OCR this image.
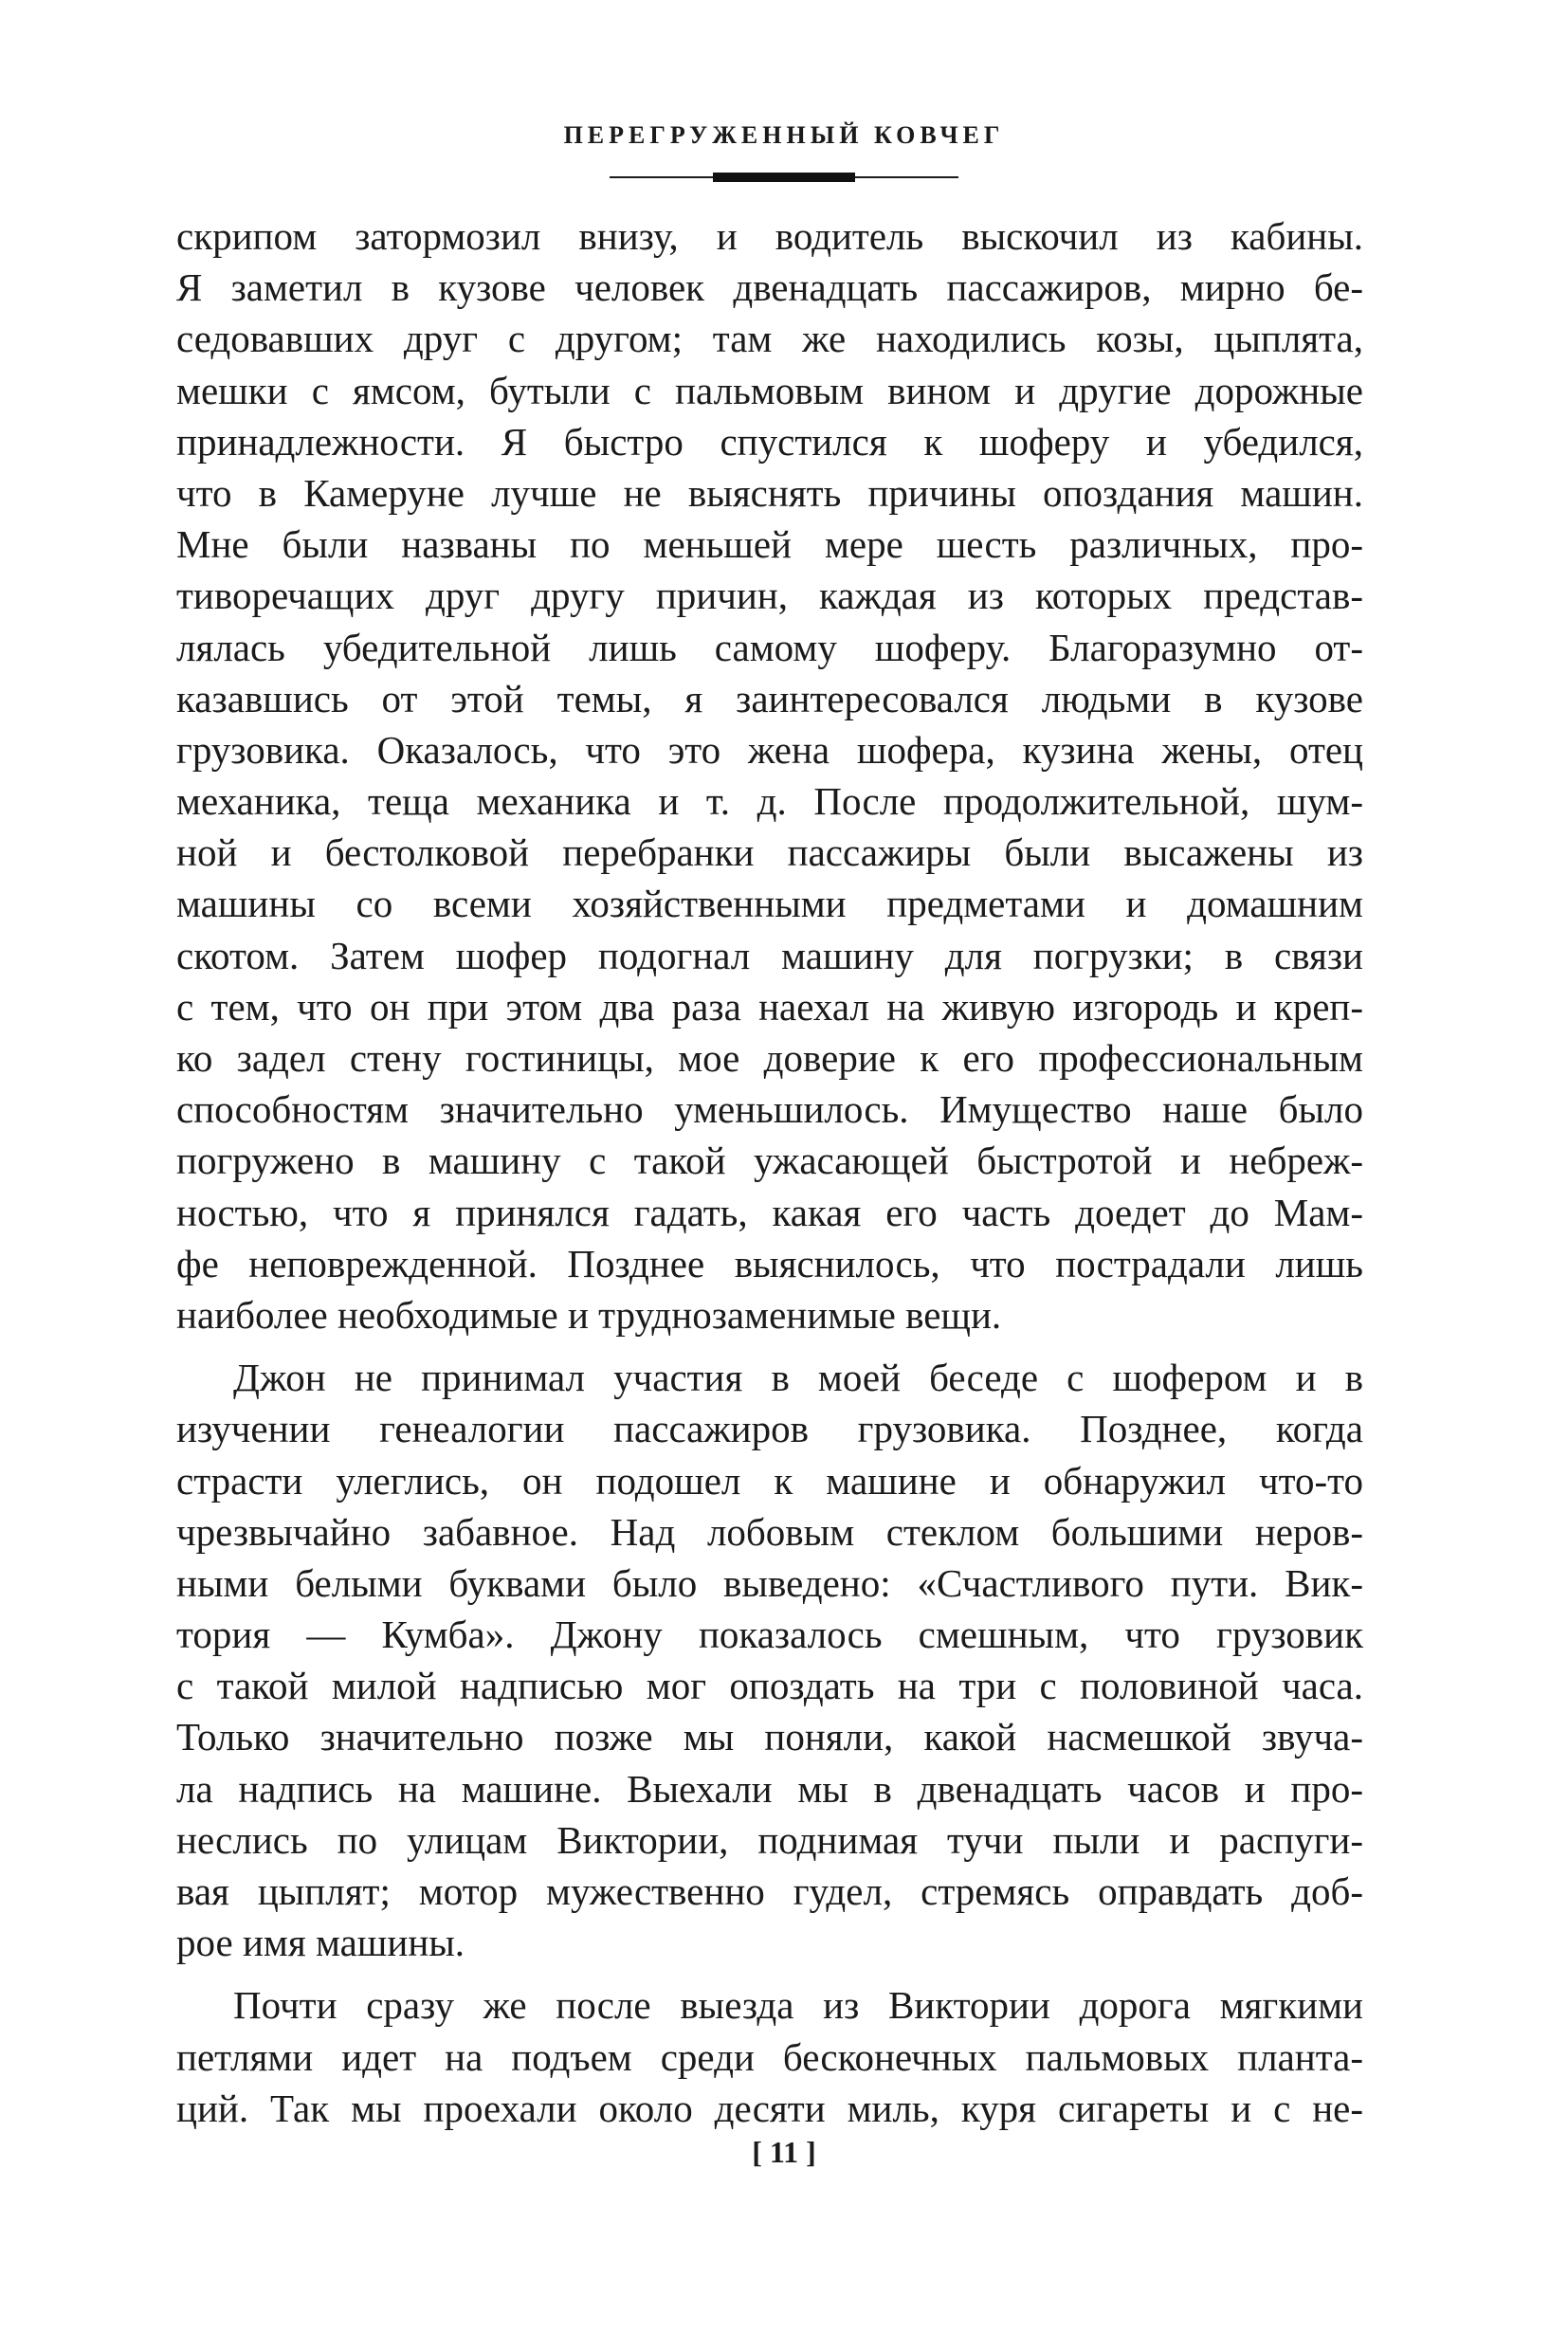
ПЕРЕГРУЖЕННЫЙ КОВЧЕГ
скрипом затормозил внизу, и водитель выскочил из кабины.
Я заметил в кузове человек двенадцать пассажиров, мирно бе-
седовавших друг с другом; там же находились козы, цыплята,
мешки с ямсом, бутыли с пальмовым вином и другие дорожные
принадлежности. Я быстро спустился к шоферу и убедился,
что в Камеруне лучше не выяснять причины опоздания машин.
Мне были названы по меньшей мере шесть различных, про-
тиворечащих друг другу причин, каждая из которых представ-
лялась убедительной лишь самому шоферу. Благоразумно от-
казавшись от этой темы, я заинтересовался людьми в кузове
грузовика. Оказалось, что это жена шофера, кузина жены, отец
механика, теща механика и т. д. После продолжительной, шум-
ной и бестолковой перебранки пассажиры были высажены из
машины со всеми хозяйственными предметами и домашним
скотом. Затем шофер подогнал машину для погрузки; в связи
с тем, что он при этом два раза наехал на живую изгородь и креп-
ко задел стену гостиницы, мое доверие к его профессиональным
способностям значительно уменьшилось. Имущество наше было
погружено в машину с такой ужасающей быстротой и небреж-
ностью, что я принялся гадать, какая его часть доедет до Мам-
фе неповрежденной. Позднее выяснилось, что пострадали лишь
наиболее необходимые и труднозаменимые вещи.
Джон не принимал участия в моей беседе с шофером и в
изучении генеалогии пассажиров грузовика. Позднее, когда
страсти улеглись, он подошел к машине и обнаружил что-то
чрезвычайно забавное. Над лобовым стеклом большими неров-
ными белыми буквами было выведено: «Счастливого пути. Вик-
тория — Кумба». Джону показалось смешным, что грузовик
с такой милой надписью мог опоздать на три с половиной часа.
Только значительно позже мы поняли, какой насмешкой звуча-
ла надпись на машине. Выехали мы в двенадцать часов и про-
неслись по улицам Виктории, поднимая тучи пыли и распуги-
вая цыплят; мотор мужественно гудел, стремясь оправдать доб-
рое имя машины.
Почти сразу же после выезда из Виктории дорога мягкими
петлями идет на подъем среди бесконечных пальмовых планта-
ций. Так мы проехали около десяти миль, куря сигареты и с не-
[ 11 ]
